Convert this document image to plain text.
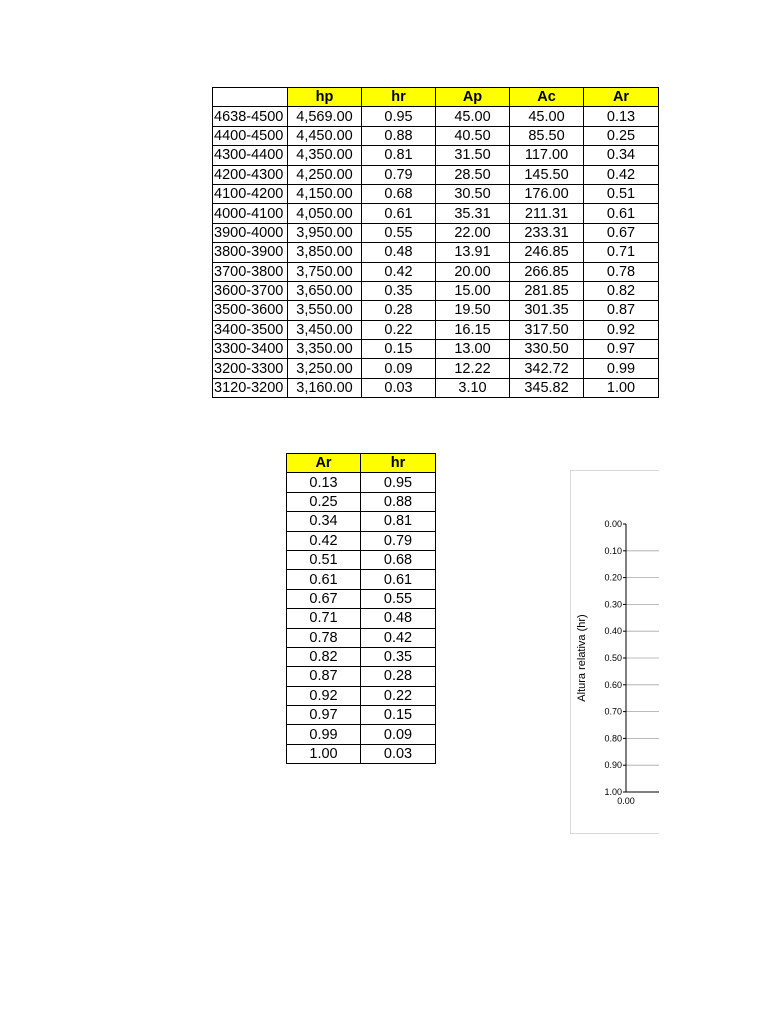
	hp	hr	Ap	Ac	Ar
4638-4500	4,569.00	0.95	45.00	45.00	0.13
4400-4500	4,450.00	0.88	40.50	85.50	0.25
4300-4400	4,350.00	0.81	31.50	117.00	0.34
4200-4300	4,250.00	0.79	28.50	145.50	0.42
4100-4200	4,150.00	0.68	30.50	176.00	0.51
4000-4100	4,050.00	0.61	35.31	211.31	0.61
3900-4000	3,950.00	0.55	22.00	233.31	0.67
3800-3900	3,850.00	0.48	13.91	246.85	0.71
3700-3800	3,750.00	0.42	20.00	266.85	0.78
3600-3700	3,650.00	0.35	15.00	281.85	0.82
3500-3600	3,550.00	0.28	19.50	301.35	0.87
3400-3500	3,450.00	0.22	16.15	317.50	0.92
3300-3400	3,350.00	0.15	13.00	330.50	0.97
3200-3300	3,250.00	0.09	12.22	342.72	0.99
3120-3200	3,160.00	0.03	3.10	345.82	1.00
Ar	hr
0.13	0.95
0.25	0.88
0.34	0.81
0.42	0.79
0.51	0.68
0.61	0.61
0.67	0.55
0.71	0.48
0.78	0.42
0.82	0.35
0.87	0.28
0.92	0.22
0.97	0.15
0.99	0.09
1.00	0.03
0.00
0.10
0.20
0.30
0.40
0.50
0.60
0.70
0.80
0.90
1.00
0.00
Altura relativa (hr)
